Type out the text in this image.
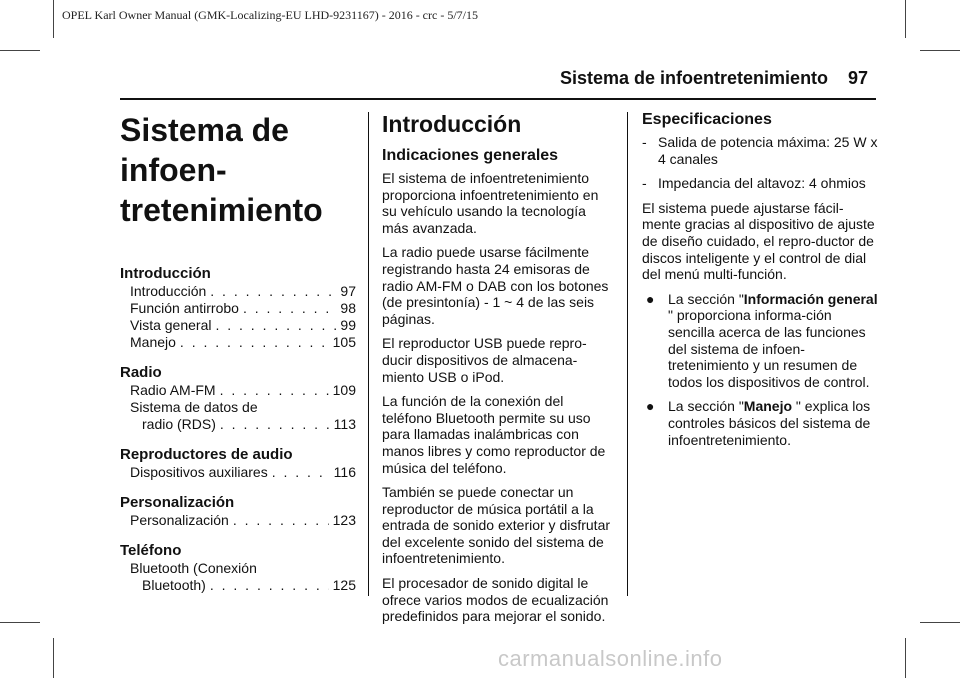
OPEL Karl Owner Manual (GMK-Localizing-EU LHD-9231167) - 2016 - crc - 5/7/15
Sistema de infoentretenimiento 97
Sistema de infoen-
tretenimiento
Introducción
Introducción . . .	97
Función antirrobo . . .	98
Vista general . . .	99
Manejo . . .	105
Radio
Radio AM-FM . . .	109
Sistema de datos de
radio (RDS) . . .	113
Reproductores de audio
Dispositivos auxiliares . . .	116
Personalización
Personalización . . .	123
Teléfono
Bluetooth (Conexión
Bluetooth) . . .	125
Introducción
Indicaciones generales

El sistema de infoentretenimiento proporciona infoentretenimiento en su vehículo usando la tecnología más avanzada.

La radio puede usarse fácilmente registrando hasta 24 emisoras de radio AM-FM o DAB con los botones (de presintonía) - 1 ~ 4 de las seis páginas.

El reproductor USB puede repro-ducir dispositivos de almacena-miento USB o iPod.

La función de la conexión del teléfono Bluetooth permite su uso para llamadas inalámbricas con manos libres y como reproductor de música del teléfono.

También se puede conectar un reproductor de música portátil a la entrada de sonido exterior y disfrutar del excelente sonido del sistema de infoentretenimiento.

El procesador de sonido digital le ofrece varios modos de ecualización predefinidos para mejorar el sonido.

Especificaciones
- Salida de potencia máxima: 25 W x 4 canales
- Impedancia del altavoz: 4 ohmios

El sistema puede ajustarse fácil-mente gracias al dispositivo de ajuste de diseño cuidado, el repro-ductor de discos inteligente y el control de dial del menú multi-función.

● La sección "Información general " proporciona informa-ción sencilla acerca de las funciones del sistema de infoen-tretenimiento y un resumen de todos los dispositivos de control.
● La sección "Manejo " explica los controles básicos del sistema de infoentretenimiento.
carmanualsonline.info
